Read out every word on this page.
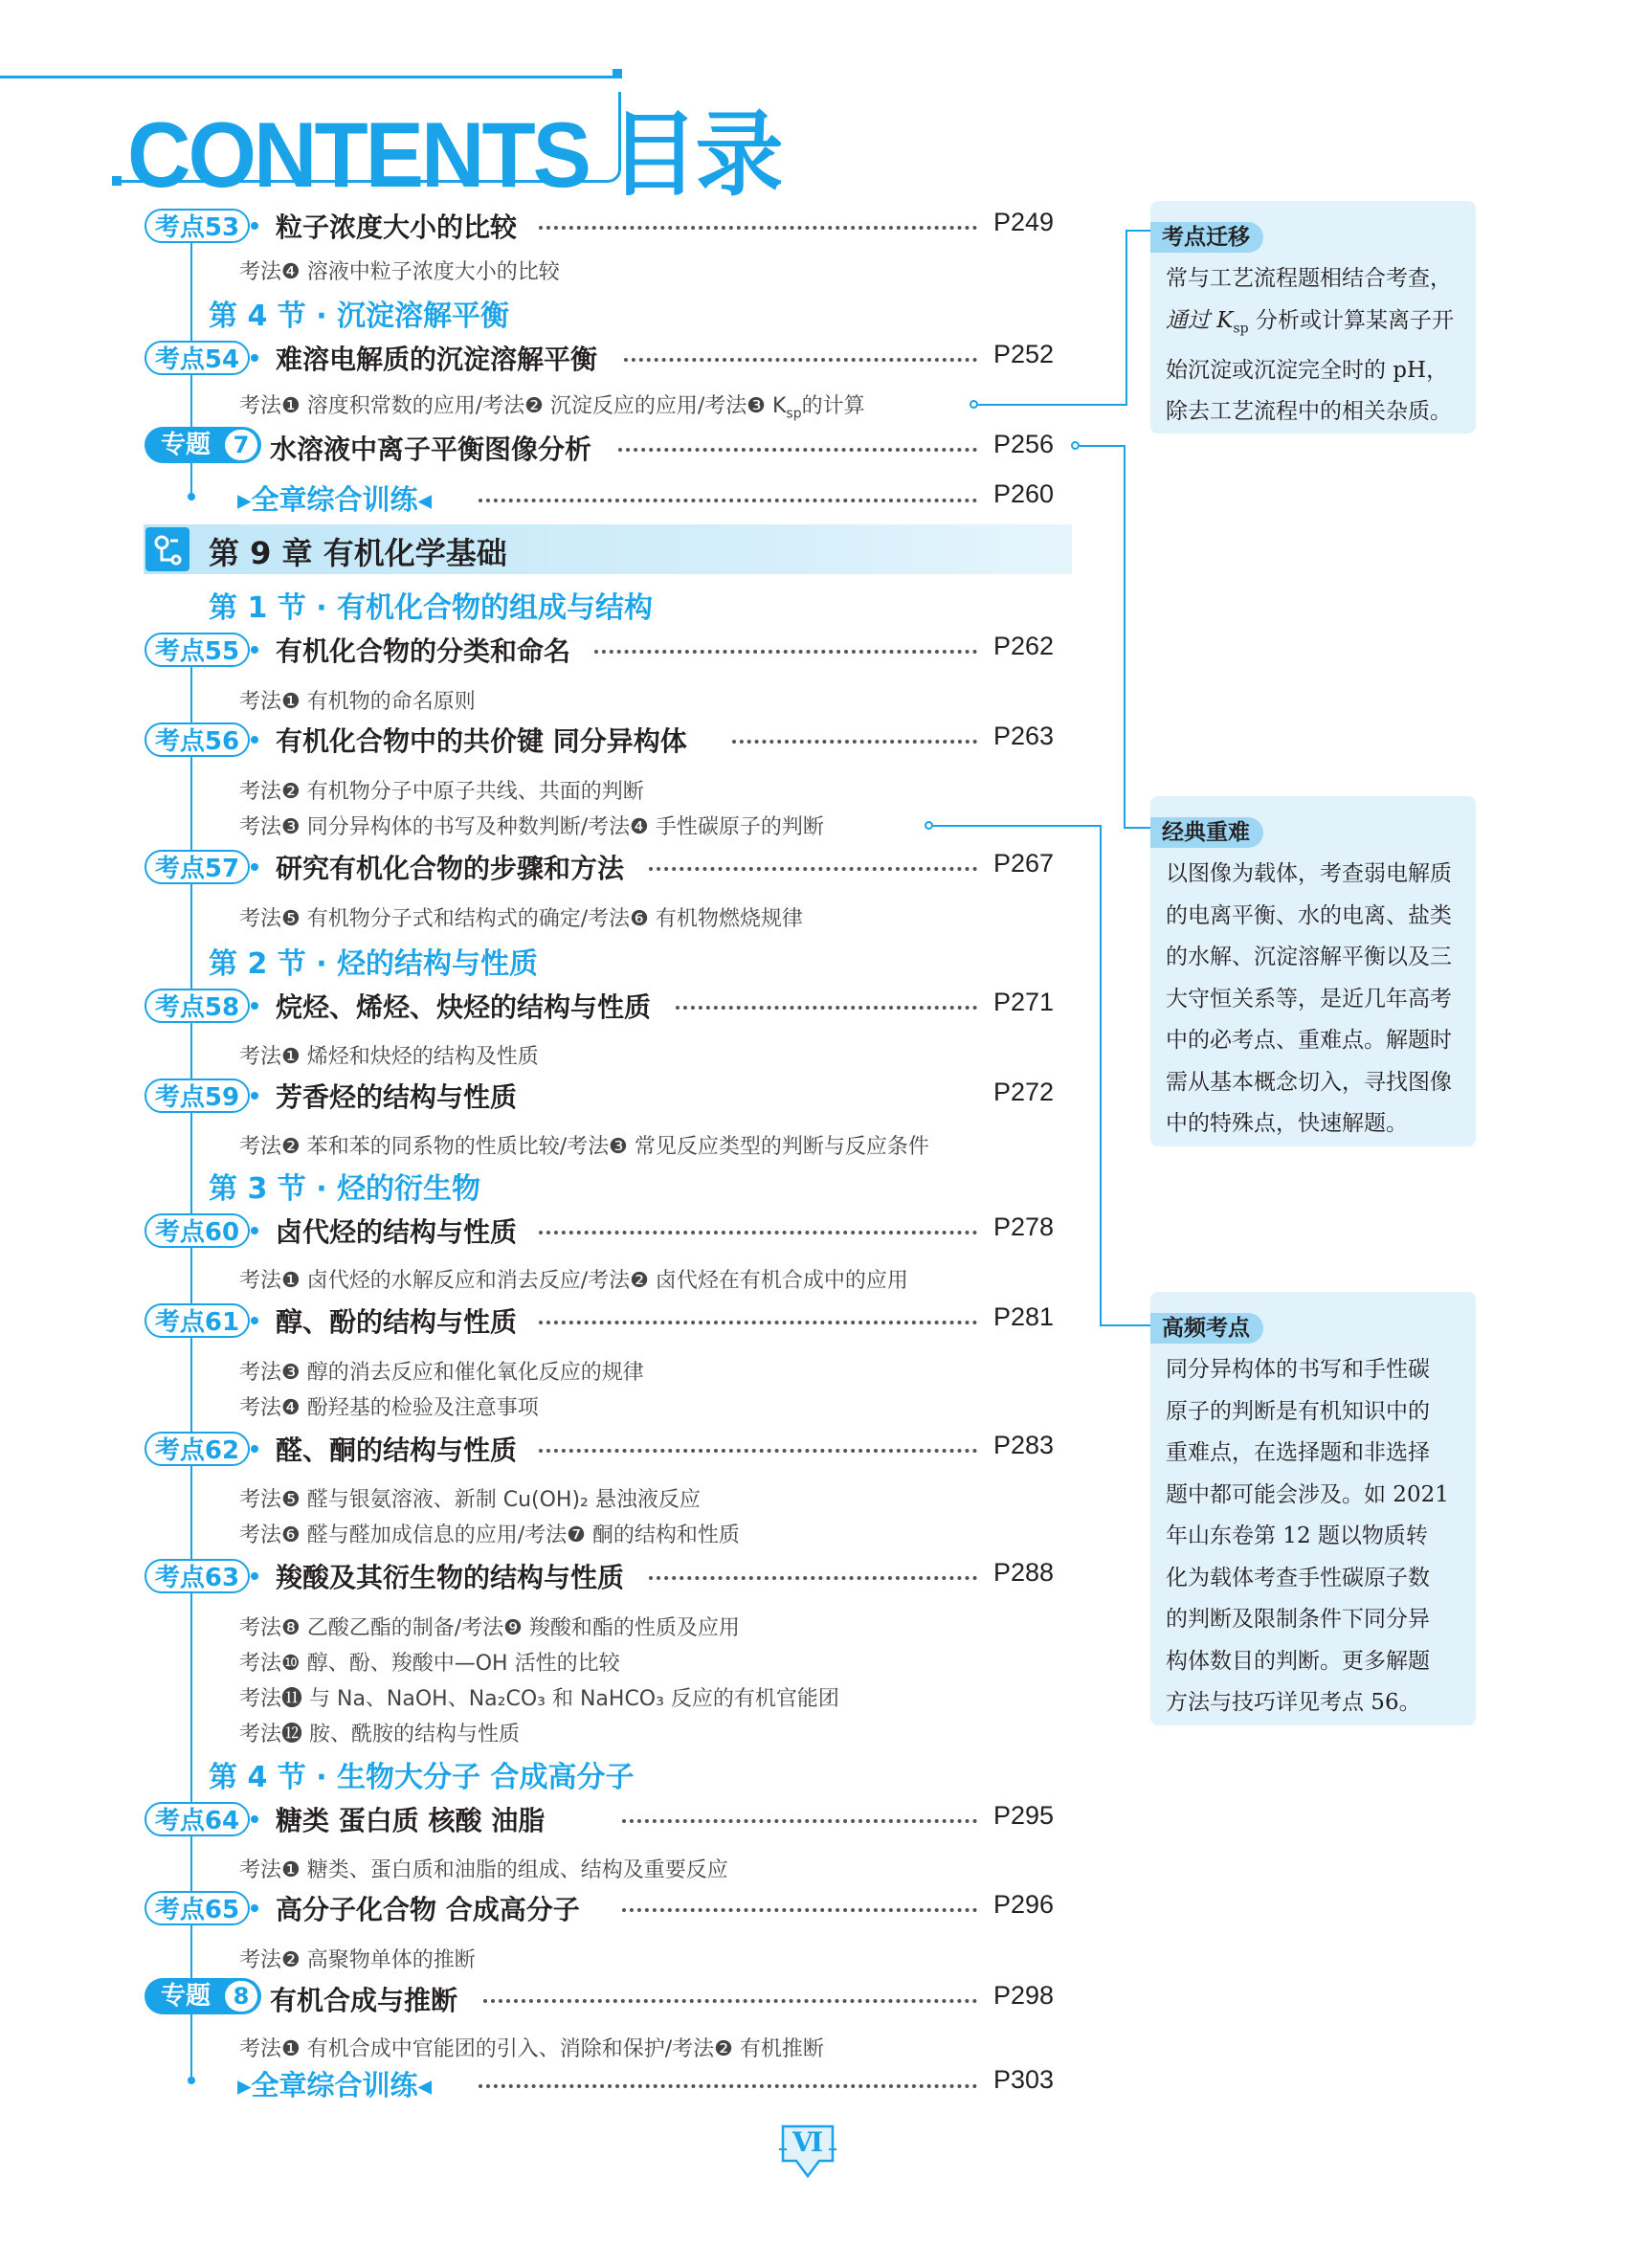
CONTENTS 目录
考点53	粒子浓度大小的比较	P249
考法❹ 溶液中粒子浓度大小的比较
第 4 节 · 沉淀溶解平衡
考点54	难溶电解质的沉淀溶解平衡	P252
考法❶ 溶度积常数的应用/考法❷ 沉淀反应的应用/考法❸ $K_{sp}$的计算
专题 7 水溶液中离子平衡图像分析	P256
▸全章综合训练◂	P260
第 9 章 有机化学基础
第 1 节 · 有机化合物的组成与结构
考点55	有机化合物的分类和命名	P262
考法❶ 有机物的命名原则
考点56	有机化合物中的共价键 同分异构体	P263
考法❷ 有机物分子中原子共线、共面的判断
考法❸ 同分异构体的书写及种数判断/考法❹ 手性碳原子的判断
考点57	研究有机化合物的步骤和方法	P267
考法❺ 有机物分子式和结构式的确定/考法❻ 有机物燃烧规律
第 2 节 · 烃的结构与性质
考点58	烷烃、烯烃、炔烃的结构与性质	P271
考法❶ 烯烃和炔烃的结构及性质
考点59	芳香烃的结构与性质	P272
考法❷ 苯和苯的同系物的性质比较/考法❸ 常见反应类型的判断与反应条件
第 3 节 · 烃的衍生物
考点60	卤代烃的结构与性质	P278
考法❶ 卤代烃的水解反应和消去反应/考法❷ 卤代烃在有机合成中的应用
考点61	醇、酚的结构与性质	P281
考法❸ 醇的消去反应和催化氧化反应的规律
考法❹ 酚羟基的检验及注意事项
考点62	醛、酮的结构与性质	P283
考法❺ 醛与银氨溶液、新制 Cu(OH)₂ 悬浊液反应
考法❻ 醛与醛加成信息的应用/考法❼ 酮的结构和性质
考点63	羧酸及其衍生物的结构与性质	P288
考法❽ 乙酸乙酯的制备/考法❾ 羧酸和酯的性质及应用
考法❿ 醇、酚、羧酸中—OH 活性的比较
考法⓫ 与 Na、NaOH、Na₂CO₃ 和 NaHCO₃ 反应的有机官能团
考法⓬ 胺、酰胺的结构与性质
第 4 节 · 生物大分子 合成高分子
考点64	糖类 蛋白质 核酸 油脂	P295
考法❶ 糖类、蛋白质和油脂的组成、结构及重要反应
考点65	高分子化合物 合成高分子	P296
考法❷ 高聚物单体的推断
专题 8 有机合成与推断	P298
考法❶ 有机合成中官能团的引入、消除和保护/考法❷ 有机推断
▸全章综合训练◂	P303
考点迁移
常与工艺流程题相结合考查，
通过 $K_{sp}$ 分析或计算某离子开
始沉淀或沉淀完全时的 pH，
除去工艺流程中的相关杂质。
经典重难
以图像为载体，考查弱电解质
的电离平衡、水的电离、盐类
的水解、沉淀溶解平衡以及三
大守恒关系等，是近几年高考
中的必考点、重难点。解题时
需从基本概念切入，寻找图像
中的特殊点，快速解题。
高频考点
同分异构体的书写和手性碳
原子的判断是有机知识中的
重难点，在选择题和非选择
题中都可能会涉及。如 2021
年山东卷第 12 题以物质转
化为载体考查手性碳原子数
的判断及限制条件下同分异
构体数目的判断。更多解题
方法与技巧详见考点 56。
Ⅵ
